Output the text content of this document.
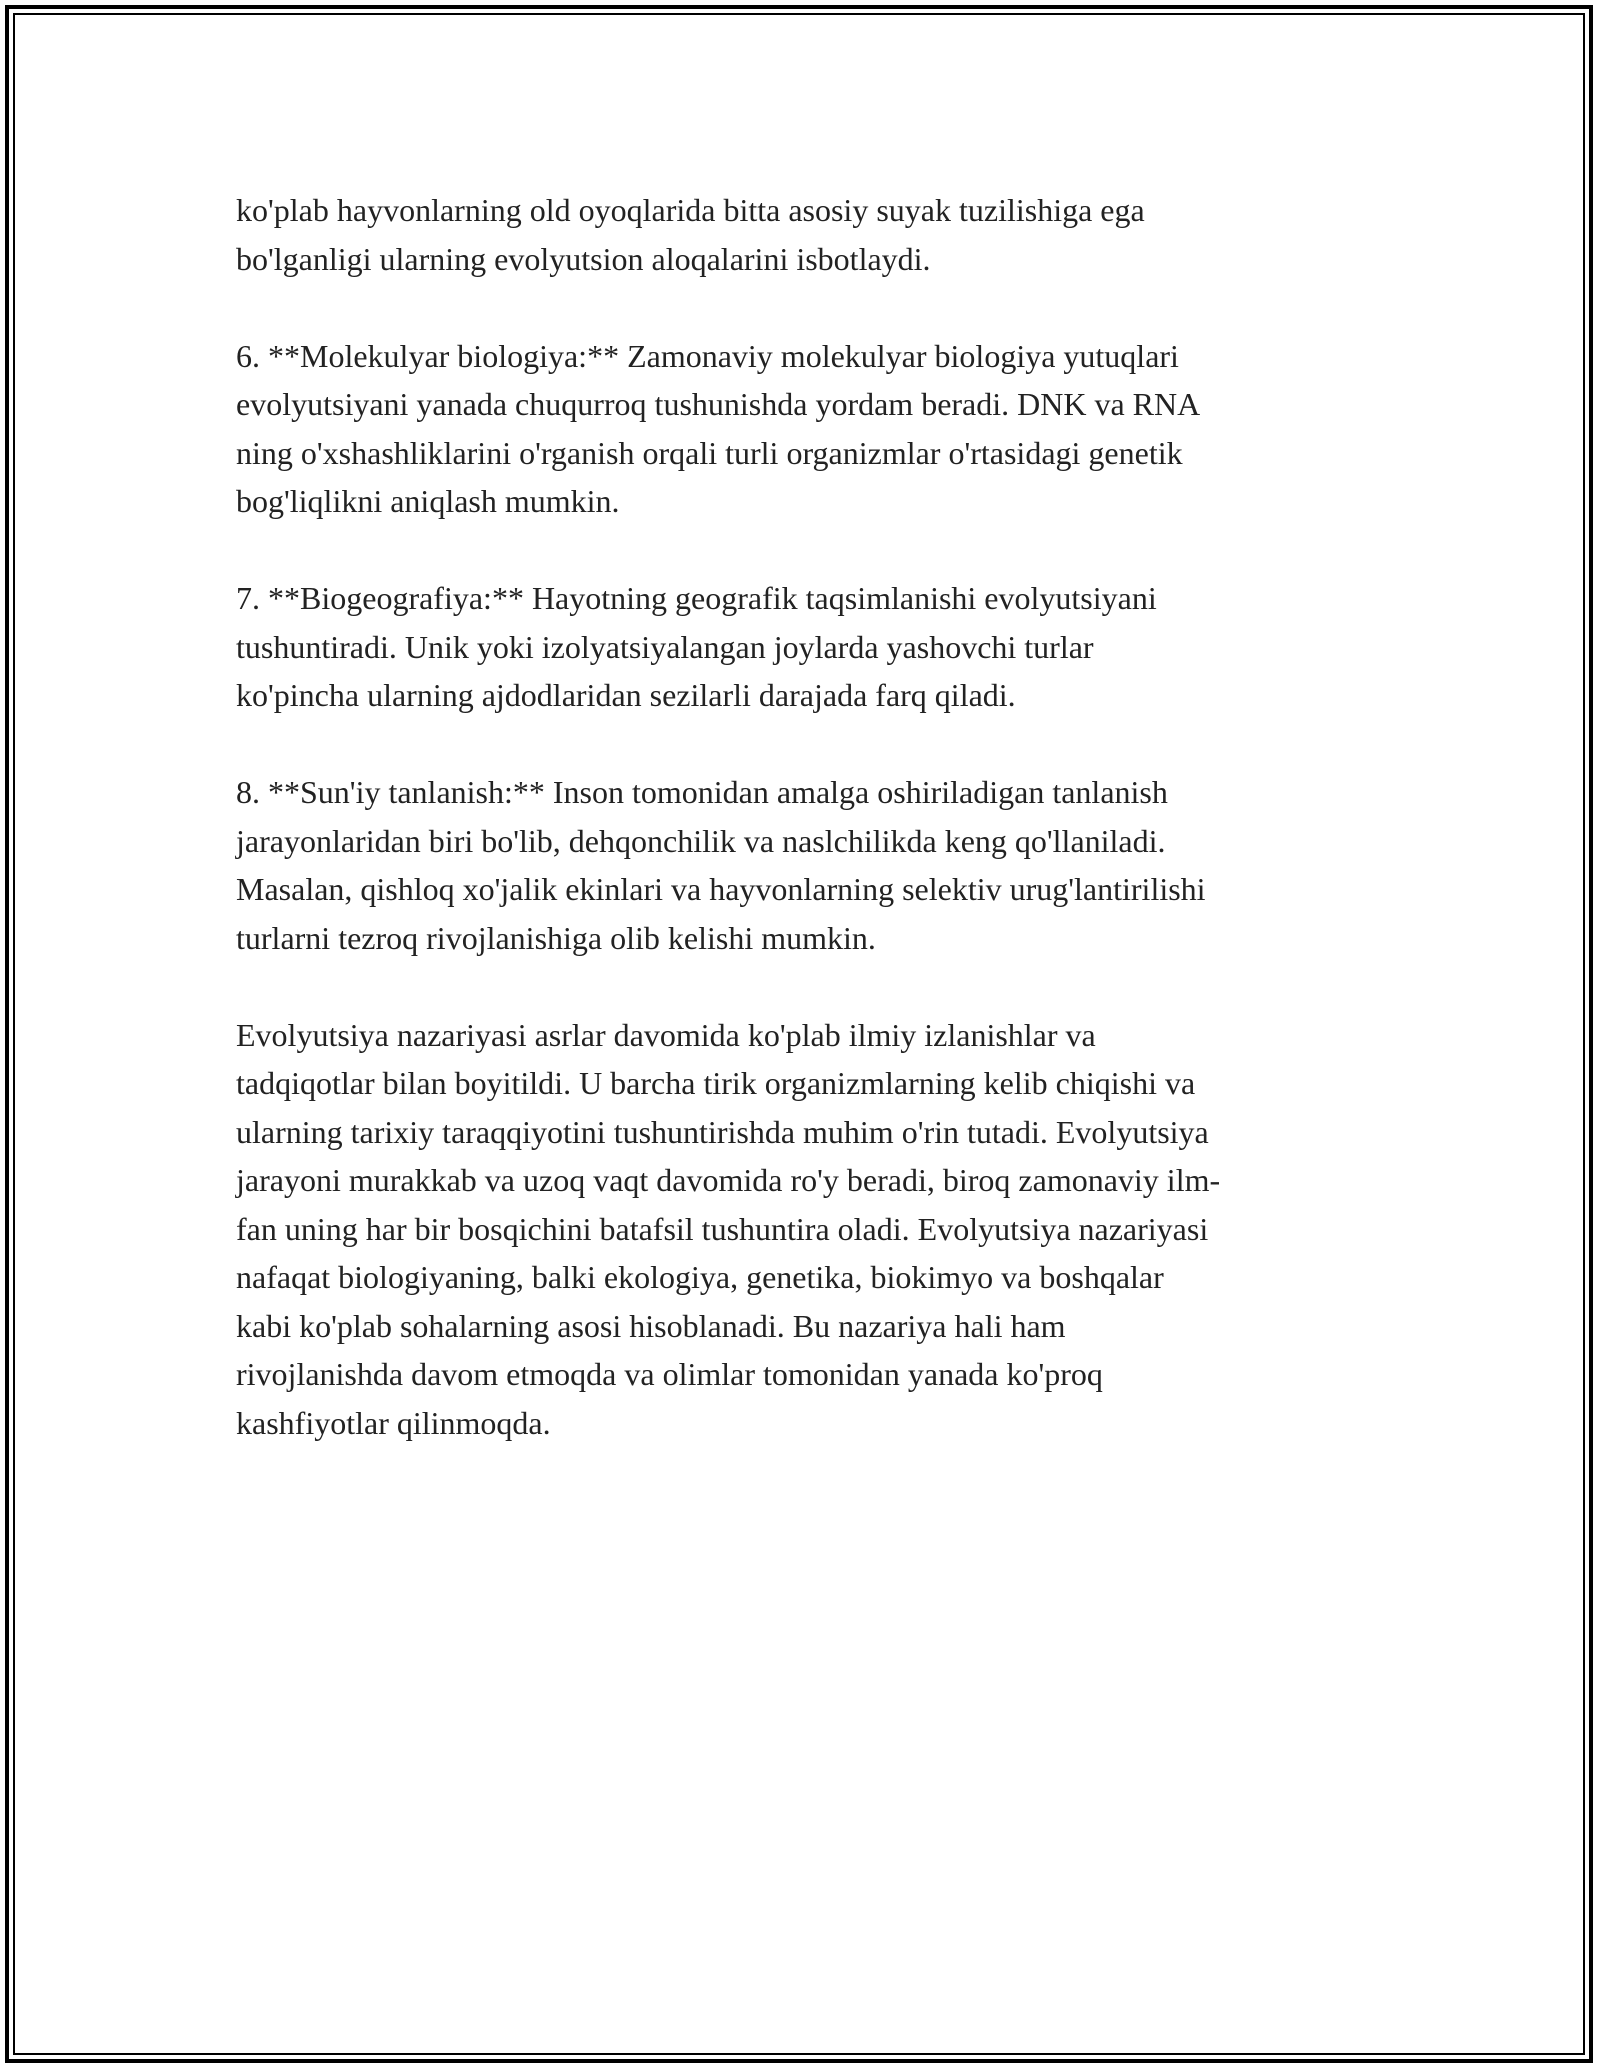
ko'plab hayvonlarning old oyoqlarida bitta asosiy suyak tuzilishiga ega
bo'lganligi ularning evolyutsion aloqalarini isbotlaydi.

6. **Molekulyar biologiya:** Zamonaviy molekulyar biologiya yutuqlari
evolyutsiyani yanada chuqurroq tushunishda yordam beradi. DNK va RNA
ning o'xshashliklarini o'rganish orqali turli organizmlar o'rtasidagi genetik
bog'liqlikni aniqlash mumkin.

7. **Biogeografiya:** Hayotning geografik taqsimlanishi evolyutsiyani
tushuntiradi. Unik yoki izolyatsiyalangan joylarda yashovchi turlar
ko'pincha ularning ajdodlaridan sezilarli darajada farq qiladi.

8. **Sun'iy tanlanish:** Inson tomonidan amalga oshiriladigan tanlanish
jarayonlaridan biri bo'lib, dehqonchilik va naslchilikda keng qo'llaniladi.
Masalan, qishloq xo'jalik ekinlari va hayvonlarning selektiv urug'lantirilishi
turlarni tezroq rivojlanishiga olib kelishi mumkin.

Evolyutsiya nazariyasi asrlar davomida ko'plab ilmiy izlanishlar va
tadqiqotlar bilan boyitildi. U barcha tirik organizmlarning kelib chiqishi va
ularning tarixiy taraqqiyotini tushuntirishda muhim o'rin tutadi. Evolyutsiya
jarayoni murakkab va uzoq vaqt davomida ro'y beradi, biroq zamonaviy ilm-
fan uning har bir bosqichini batafsil tushuntira oladi. Evolyutsiya nazariyasi
nafaqat biologiyaning, balki ekologiya, genetika, biokimyo va boshqalar
kabi ko'plab sohalarning asosi hisoblanadi. Bu nazariya hali ham
rivojlanishda davom etmoqda va olimlar tomonidan yanada ko'proq
kashfiyotlar qilinmoqda.
